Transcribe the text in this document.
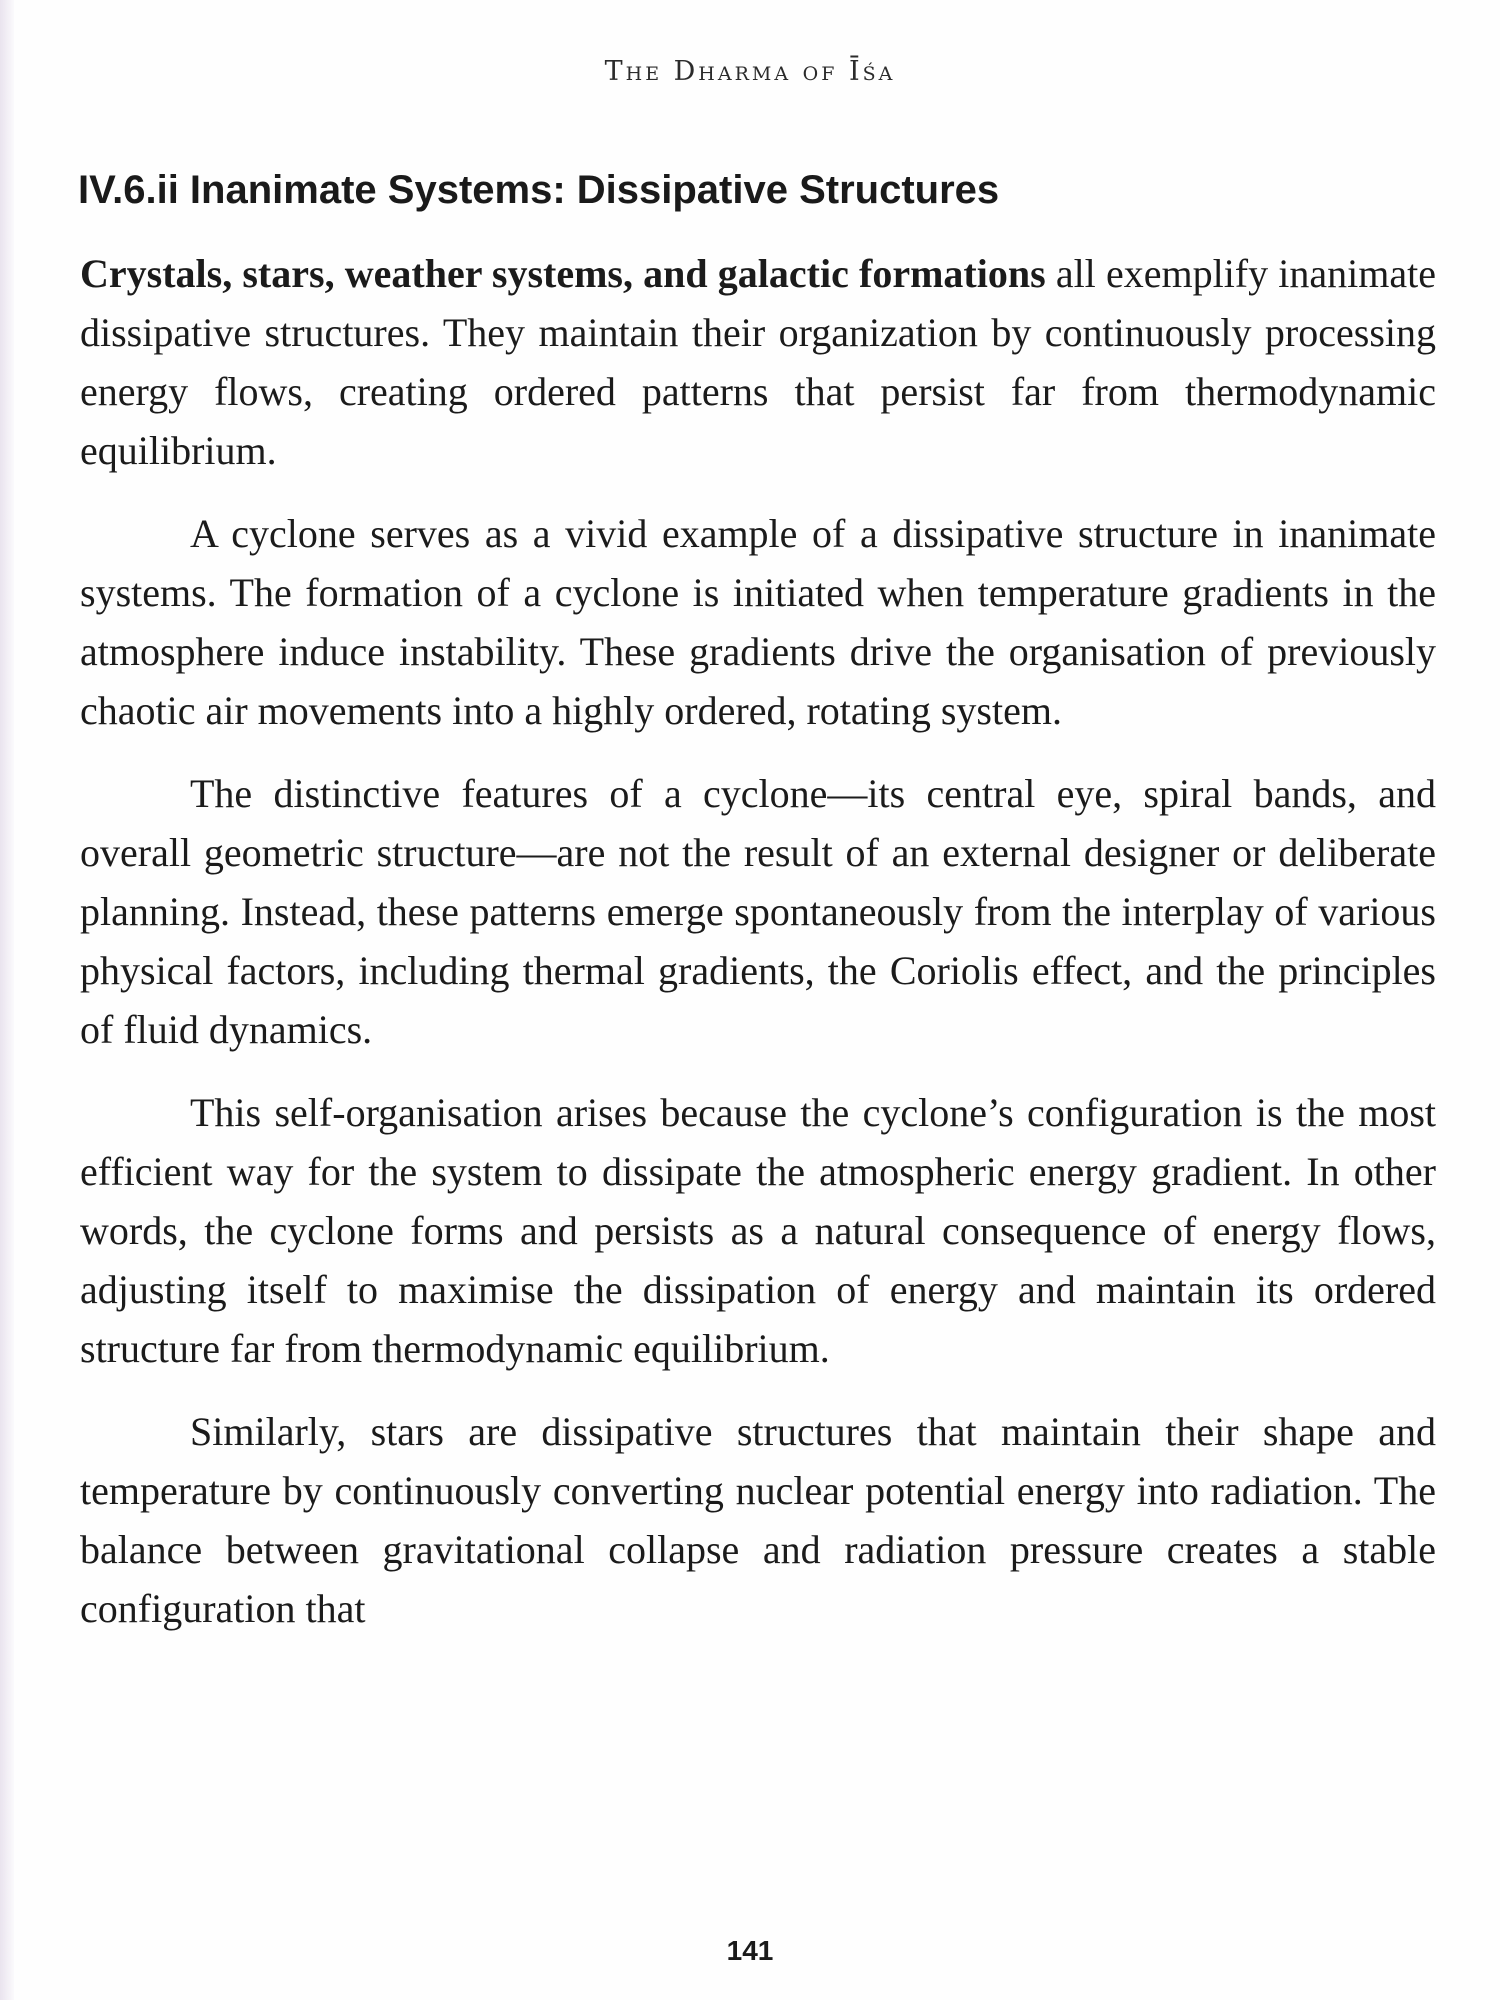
The Dharma of Īśa
IV.6.ii Inanimate Systems: Dissipative Structures

Crystals, stars, weather systems, and galactic formations all exemplify inanimate dissipative structures. They maintain their organization by continuously processing energy flows, creating ordered patterns that persist far from thermodynamic equilibrium.

A cyclone serves as a vivid example of a dissipative structure in inanimate systems. The formation of a cyclone is initiated when temperature gradients in the atmosphere induce instability. These gradients drive the organisation of previously chaotic air movements into a highly ordered, rotating system.

The distinctive features of a cyclone—its central eye, spiral bands, and overall geometric structure—are not the result of an external designer or deliberate planning. Instead, these patterns emerge spontaneously from the interplay of various physical factors, including thermal gradients, the Coriolis effect, and the principles of fluid dynamics.

This self-organisation arises because the cyclone’s configuration is the most efficient way for the system to dissipate the atmospheric energy gradient. In other words, the cyclone forms and persists as a natural consequence of energy flows, adjusting itself to maximise the dissipation of energy and maintain its ordered structure far from thermodynamic equilibrium.

Similarly, stars are dissipative structures that maintain their shape and temperature by continuously converting nuclear potential energy into radiation. The balance between gravitational collapse and radiation pressure creates a stable configuration that

141
